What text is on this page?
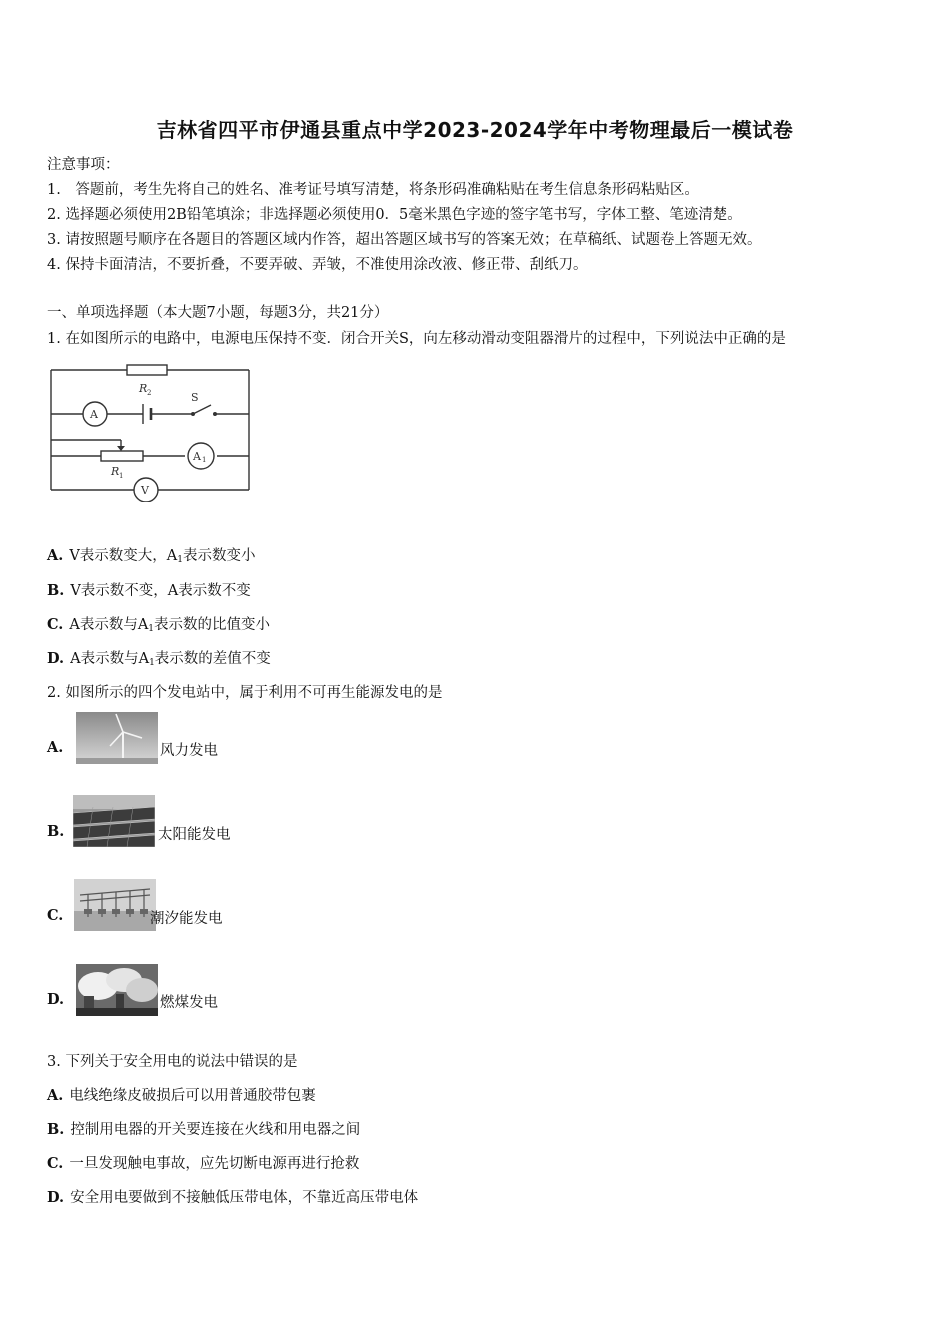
吉林省四平市伊通县重点中学2023-2024学年中考物理最后一模试卷
注意事项：
1.　答题前，考生先将自己的姓名、准考证号填写清楚，将条形码准确粘贴在考生信息条形码粘贴区。
2. 选择题必须使用2B铅笔填涂；非选择题必须使用0．5毫米黑色字迹的签字笔书写，字体工整、笔迹清楚。
3. 请按照题号顺序在各题目的答题区域内作答，超出答题区域书写的答案无效；在草稿纸、试题卷上答题无效。
4. 保持卡面清洁，不要折叠，不要弄破、弄皱，不准使用涂改液、修正带、刮纸刀。
一、单项选择题（本大题7小题，每题3分，共21分）
1. 在如图所示的电路中，电源电压保持不变．闭合开关S，向左移动滑动变阻器滑片的过程中，下列说法中正确的是
R 2	S
A
A 1
R 1
V
A. V表示数变大，$A_1$表示数变小
B. V表示数不变，A表示数不变
C. A表示数与$A_1$表示数的比值变小
D. A表示数与$A_1$表示数的差值不变
2. 如图所示的四个发电站中，属于利用不可再生能源发电的是
A.	风力发电
B.	太阳能发电
C.	潮汐能发电
D.	燃煤发电
3. 下列关于安全用电的说法中错误的是
A. 电线绝缘皮破损后可以用普通胶带包裹
B. 控制用电器的开关要连接在火线和用电器之间
C. 一旦发现触电事故，应先切断电源再进行抢救
D. 安全用电要做到不接触低压带电体，不靠近高压带电体
